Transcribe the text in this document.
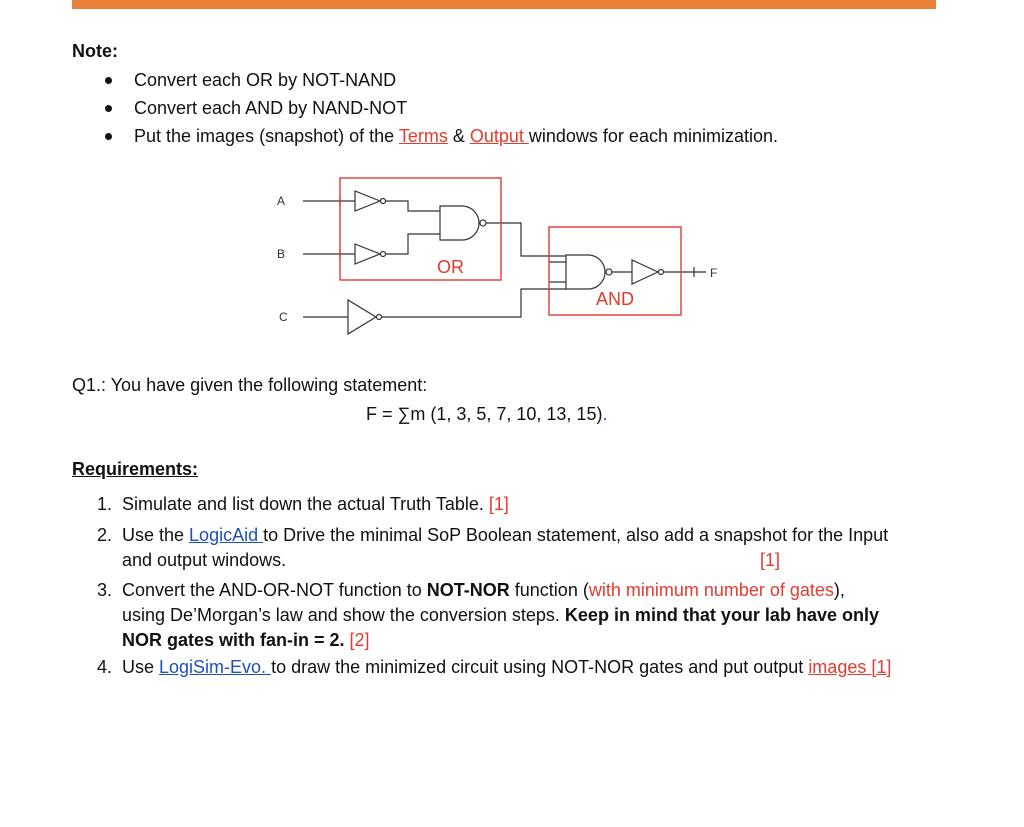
Note:
Convert each OR by NOT-NAND
Convert each AND by NAND-NOT
Put the images (snapshot) of the Terms & Output windows for each minimization.
A
B
C
OR
AND
F
Q1.: You have given the following statement:
F = ∑m (1, 3, 5, 7, 10, 13, 15).
Requirements:
1. Simulate and list down the actual Truth Table. [1]
2. Use the LogicAid to Drive the minimal SoP Boolean statement, also add a snapshot for the Input
and output windows.	[1]
3. Convert the AND-OR-NOT function to NOT-NOR function (with minimum number of gates),
using De’Morgan’s law and show the conversion steps. Keep in mind that your lab have only
NOR gates with fan-in = 2. [2]
4. Use LogiSim-Evo. to draw the minimized circuit using NOT-NOR gates and put output images [1]
